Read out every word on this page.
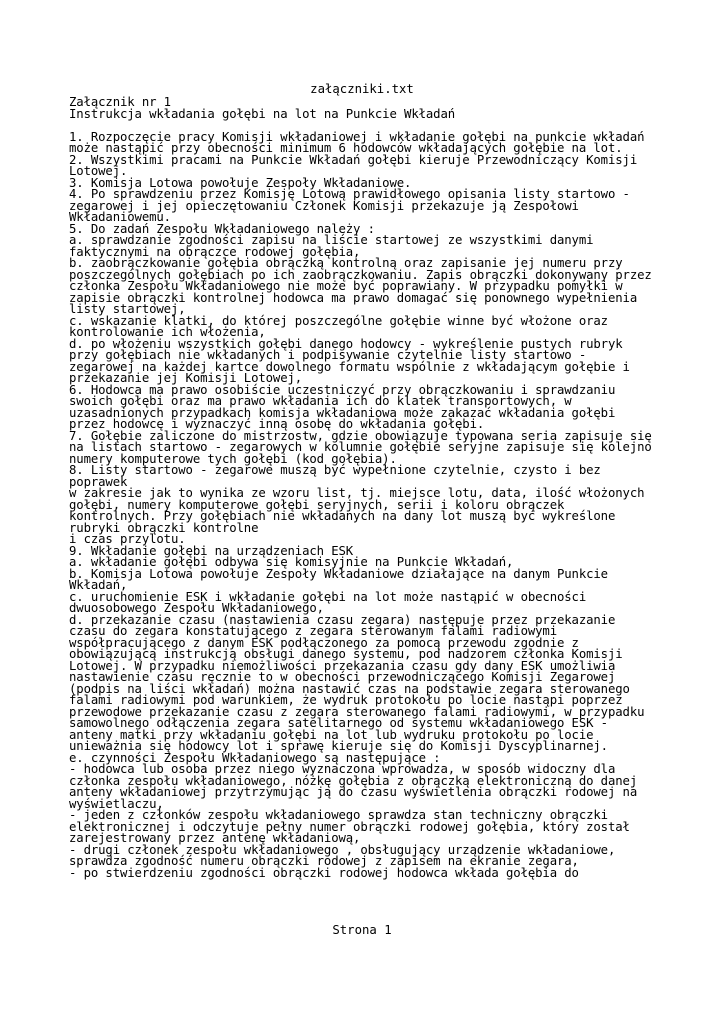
załączniki.txt
Załącznik nr 1
Instrukcja wkładania gołębi na lot na Punkcie Wkładań

1. Rozpoczęcie pracy Komisji wkładaniowej i wkładanie gołębi na punkcie wkładań
może nastąpić przy obecności minimum 6 hodowców wkładających gołębie na lot.
2. Wszystkimi pracami na Punkcie Wkładań gołębi kieruje Przewodniczący Komisji
Lotowej.
3. Komisja Lotowa powołuje Zespoły Wkładaniowe.
4. Po sprawdzeniu przez Komisję Lotową prawidłowego opisania listy startowo -
zegarowej i jej opieczętowaniu Członek Komisji przekazuje ją Zespołowi
Wkładaniowemu.
5. Do zadań Zespołu Wkładaniowego należy :
a. sprawdzanie zgodności zapisu na liście startowej ze wszystkimi danymi
faktycznymi na obrączce rodowej gołębia,
b. zaobrączkowanie gołębia obrączką kontrolną oraz zapisanie jej numeru przy
poszczególnych gołębiach po ich zaobrączkowaniu. Zapis obrączki dokonywany przez
członka Zespołu Wkładaniowego nie może być poprawiany. W przypadku pomyłki w
zapisie obrączki kontrolnej hodowca ma prawo domagać się ponownego wypełnienia
listy startowej,
c. wskazanie klatki, do której poszczególne gołębie winne być włożone oraz
kontrolowanie ich włożenia,
d. po włożeniu wszystkich gołębi danego hodowcy - wykreślenie pustych rubryk
przy gołębiach nie wkładanych i podpisywanie czytelnie listy startowo -
zegarowej na każdej kartce dowolnego formatu wspólnie z wkładającym gołębie i
przekazanie jej Komisji Lotowej,
6. Hodowca ma prawo osobiście uczestniczyć przy obrączkowaniu i sprawdzaniu
swoich gołębi oraz ma prawo wkładania ich do klatek transportowych, w
uzasadnionych przypadkach komisja wkładaniowa może zakazać wkładania gołębi
przez hodowcę i wyznaczyć inną osobę do wkładania gołębi.
7. Gołębie zaliczone do mistrzostw, gdzie obowiązuje typowana seria zapisuje się
na listach startowo - zegarowych w kolumnie gołębie seryjne zapisuje się kolejno
numery komputerowe tych gołębi (kod gołębia).
8. Listy startowo - zegarowe muszą być wypełnione czytelnie, czysto i bez
poprawek
w zakresie jak to wynika ze wzoru list, tj. miejsce lotu, data, ilość włożonych
gołębi, numery komputerowe gołębi seryjnych, serii i koloru obrączek
kontrolnych. Przy gołębiach nie wkładanych na dany lot muszą być wykreślone
rubryki obrączki kontrolne
i czas przylotu.
9. Wkładanie gołębi na urządzeniach ESK
a. wkładanie gołębi odbywa się komisyjnie na Punkcie Wkładań,
b. Komisja Lotowa powołuje Zespoły Wkładaniowe działające na danym Punkcie
Wkładań,
c. uruchomienie ESK i wkładanie gołębi na lot może nastąpić w obecności
dwuosobowego Zespołu Wkładaniowego,
d. przekazanie czasu (nastawienia czasu zegara) następuje przez przekazanie
czasu do zegara konstatującego z zegara sterowanym falami radiowymi
współpracującego z danym ESK podłączonego za pomocą przewodu zgodnie z
obowiązującą instrukcją obsługi danego systemu, pod nadzorem członka Komisji
Lotowej. W przypadku niemożliwości przekazania czasu gdy dany ESK umożliwia
nastawienie czasu ręcznie to w obecności przewodniczącego Komisji Zegarowej
(podpis na liści wkładań) można nastawić czas na podstawie zegara sterowanego
falami radiowymi pod warunkiem, że wydruk protokołu po locie nastąpi poprzez
przewodowe przekazanie czasu z zegara sterowanego falami radiowymi, w przypadku
samowolnego odłączenia zegara satelitarnego od systemu wkładaniowego ESK -
anteny matki przy wkładaniu gołębi na lot lub wydruku protokołu po locie
unieważnia się hodowcy lot i sprawę kieruje się do Komisji Dyscyplinarnej.
e. czynności Zespołu Wkładaniowego są następujące :
- hodowca lub osoba przez niego wyznaczona wprowadza, w sposób widoczny dla
członka zespołu wkładaniowego, nóżkę gołębia z obrączką elektroniczną do danej
anteny wkładaniowej przytrzymując ją do czasu wyświetlenia obrączki rodowej na
wyświetlaczu,
- jeden z członków zespołu wkładaniowego sprawdza stan techniczny obrączki
elektronicznej i odczytuje pełny numer obrączki rodowej gołębia, który został
zarejestrowany przez antenę wkładaniową,
- drugi członek zespołu wkładaniowego , obsługujący urządzenie wkładaniowe,
sprawdza zgodność numeru obrączki rodowej z zapisem na ekranie zegara,
- po stwierdzeniu zgodności obrączki rodowej hodowca wkłada gołębia do
Strona 1
